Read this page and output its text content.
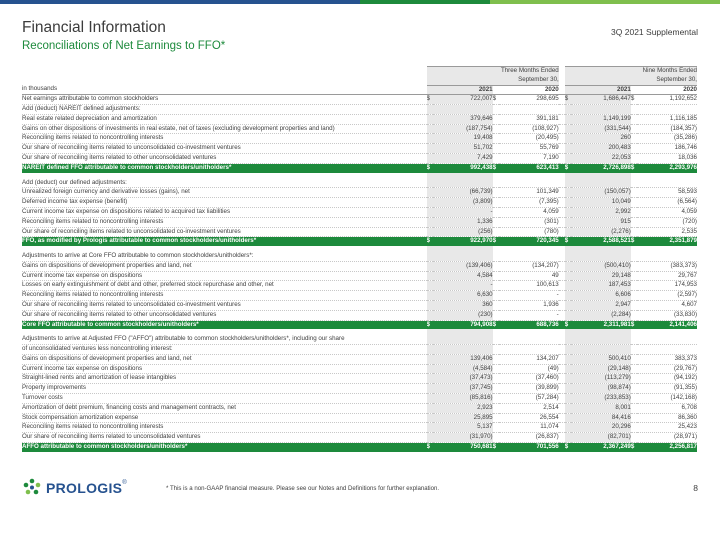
Financial Information
Reconciliations of Net Earnings to FFO*
3Q 2021 Supplemental
	Three Months Ended					Nine Months Ended			
	September 30,					September 30,			
in thousands	2021		2020			2021		2020	
Net earnings attributable to common stockholders	$	722,007	$	298,695		$	1,686,447	$	1,192,652
Add (deduct) NAREIT defined adjustments:									
Real estate related depreciation and amortization		379,646		391,181			1,149,199		1,116,185
Gains on other dispositions of investments in real estate, net of taxes (excluding development properties and land)		(187,754)		(108,927)			(331,544)		(184,357)
Reconciling items related to noncontrolling interests		19,408		(20,495)			260		(35,286)
Our share of reconciling items related to unconsolidated co-investment ventures		51,702		55,769			200,483		186,746
Our share of reconciling items related to other unconsolidated ventures		7,429		7,190			22,053		18,036
NAREIT defined FFO attributable to common stockholders/unitholders*	$	992,438	$	623,413		$	2,726,898	$	2,293,976

Add (deduct) our defined adjustments:									
Unrealized foreign currency and derivative losses (gains), net		(66,739)		101,349			(150,057)		58,593
Deferred income tax expense (benefit)		(3,809)		(7,395)			10,049		(6,564)
Current income tax expense on dispositions related to acquired tax liabilities		-		4,059			2,992		4,059
Reconciling items related to noncontrolling interests		1,336		(301)			915		(720)
Our share of reconciling items related to unconsolidated co-investment ventures		(256)		(780)			(2,276)		2,535
FFO, as modified by Prologis attributable to common stockholders/unitholders*	$	922,970	$	720,345		$	2,588,521	$	2,351,879

Adjustments to arrive at Core FFO attributable to common stockholders/unitholders*:									
Gains on dispositions of development properties and land, net		(139,406)		(134,207)			(500,410)		(383,373)
Current income tax expense on dispositions		4,584		49			29,148		29,767
Losses on early extinguishment of debt and other, preferred stock repurchase and other, net		-		100,613			187,453		174,953
Reconciling items related to noncontrolling interests		6,630		-			6,606		(2,597)
Our share of reconciling items related to unconsolidated co-investment ventures		360		1,936			2,947		4,607
Our share of reconciling items related to other unconsolidated ventures		(230)		-			(2,284)		(33,830)
Core FFO attributable to common stockholders/unitholders*	$	794,908	$	688,736		$	2,311,981	$	2,141,406

Adjustments to arrive at Adjusted FFO ("AFFO") attributable to common stockholders/unitholders*, including our share									
of unconsolidated ventures less noncontrolling interest:									
Gains on dispositions of development properties and land, net		139,406		134,207			500,410		383,373
Current income tax expense on dispositions		(4,584)		(49)			(29,148)		(29,767)
Straight-lined rents and amortization of lease intangibles		(37,473)		(37,460)			(113,279)		(94,192)
Property improvements		(37,745)		(39,899)			(98,874)		(91,355)
Turnover costs		(85,816)		(57,284)			(233,853)		(142,168)
Amortization of debt premium, financing costs and management contracts, net		2,923		2,514			8,001		6,708
Stock compensation amortization expense		25,895		26,554			84,416		86,360
Reconciling items related to noncontrolling interests		5,137		11,074			20,296		25,423
Our share of reconciling items related to unconsolidated ventures		(31,970)		(26,837)			(82,701)		(28,971)
AFFO attributable to common stockholders/unitholders*	$	750,681	$	701,556		$	2,367,249	$	2,256,817
PROLOGIS®
* This is a non-GAAP financial measure. Please see our Notes and Definitions for further explanation.	8
